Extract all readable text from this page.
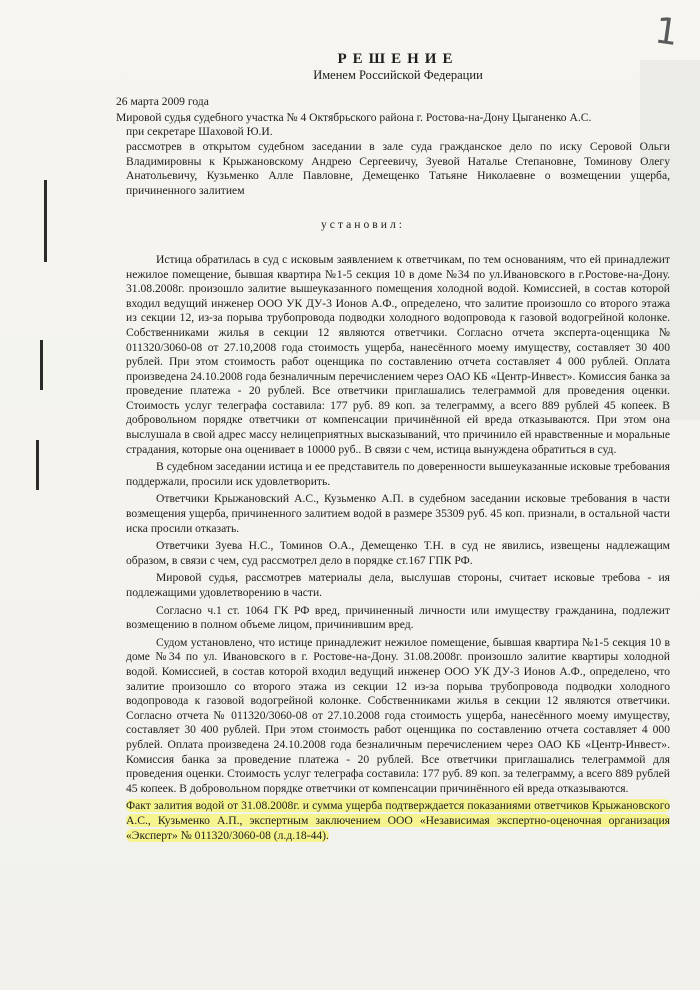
1
РЕШЕНИЕ
Именем Российской Федерации
26 марта 2009 года
Мировой судья судебного участка № 4 Октябрьского района г. Ростова-на-Дону Цыганенко А.С.
при секретаре Шаховой Ю.И.
рассмотрев в открытом судебном заседании в зале суда гражданское дело по иску Серовой Ольги Владимировны к Крыжановскому Андрею Сергеевичу, Зуевой Наталье Степановне, Томинову Олегу Анатольевичу, Кузьменко Алле Павловне, Демещенко Татьяне Николаевне о возмещении ущерба, причиненного залитием
установил:

Истица обратилась в суд с исковым заявлением к ответчикам, по тем основаниям, что ей принадлежит нежилое помещение, бывшая квартира №1-5 секция 10 в доме №34 по ул.Ивановского в г.Ростове-на-Дону. 31.08.2008г. произошло залитие вышеуказанного помещения холодной водой. Комиссией, в состав которой входил ведущий инженер ООО УК ДУ-3 Ионов А.Ф., определено, что залитие произошло со второго этажа из секции 12, из-за порыва трубопровода подводки холодного водопровода к газовой водогрейной колонке. Собственниками жилья в секции 12 являются ответчики. Согласно отчета эксперта-оценщика № 011320/3060-08 от 27.10,2008 года стоимость ущерба, нанесённого моему имуществу, составляет 30 400 рублей. При этом стоимость работ оценщика по составлению отчета составляет 4 000 рублей. Оплата произведена 24.10.2008 года безналичным перечислением через ОАО КБ «Центр-Инвест». Комиссия банка за проведение платежа - 20 рублей. Все ответчики приглашались телеграммой для проведения оценки. Стоимость услуг телеграфа составила: 177 руб. 89 коп. за телеграмму, а всего 889 рублей 45 копеек. В добровольном порядке ответчики от компенсации причинённой ей вреда отказываются. При этом она выслушала в свой адрес массу нелицеприятных высказываний, что причинило ей нравственные и моральные страдания, которые она оценивает в 10000 руб.. В связи с чем, истица вынуждена обратиться в суд.

В судебном заседании истица и ее представитель по доверенности вышеуказанные исковые требования поддержали, просили иск удовлетворить.

Ответчики Крыжановский А.С., Кузьменко А.П. в судебном заседании исковые требования в части возмещения ущерба, причиненного залитием водой в размере 35309 руб. 45 коп. признали, в остальной части иска просили отказать.

Ответчики Зуева Н.С., Томинов О.А., Демещенко Т.Н. в суд не явились, извещены надлежащим образом, в связи с чем, суд рассмотрел дело в порядке ст.167 ГПК РФ.

Мировой судья, рассмотрев материалы дела, выслушав стороны, считает исковые требова - ия подлежащими удовлетворению в части.

Согласно ч.1 ст. 1064 ГК РФ вред, причиненный личности или имуществу гражданина, подлежит возмещению в полном объеме лицом, причинившим вред.

Судом установлено, что истице принадлежит нежилое помещение, бывшая квартира №1-5 секция 10 в доме №34 по ул. Ивановского в г. Ростове-на-Дону. 31.08.2008г. произошло залитие квартиры холодной водой. Комиссией, в состав которой входил ведущий инженер ООО УК ДУ-3 Ионов А.Ф., определено, что залитие произошло со второго этажа из секции 12 из-за порыва трубопровода подводки холодного водопровода к газовой водогрейной колонке. Собственниками жилья в секции 12 являются ответчики. Согласно отчета № 011320/3060-08 от 27.10.2008 года стоимость ущерба, нанесённого моему имуществу, составляет 30 400 рублей. При этом стоимость работ оценщика по составлению отчета составляет 4 000 рублей. Оплата произведена 24.10.2008 года безналичным перечислением через ОАО КБ «Центр-Инвест». Комиссия банка за проведение платежа - 20 рублей. Все ответчики приглашались телеграммой для проведения оценки. Стоимость услуг телеграфа составила: 177 руб. 89 коп. за телеграмму, а всего 889 рублей 45 копеек. В добровольном порядке ответчики от компенсации причинённого ей вреда отказываются.

Факт залития водой от 31.08.2008г. и сумма ущерба подтверждается показаниями ответчиков Крыжановского А.С., Кузьменко А.П., экспертным заключением ООО «Независимая экспертно-оценочная организация «Эксперт» № 011320/3060-08 (л.д.18-44).
